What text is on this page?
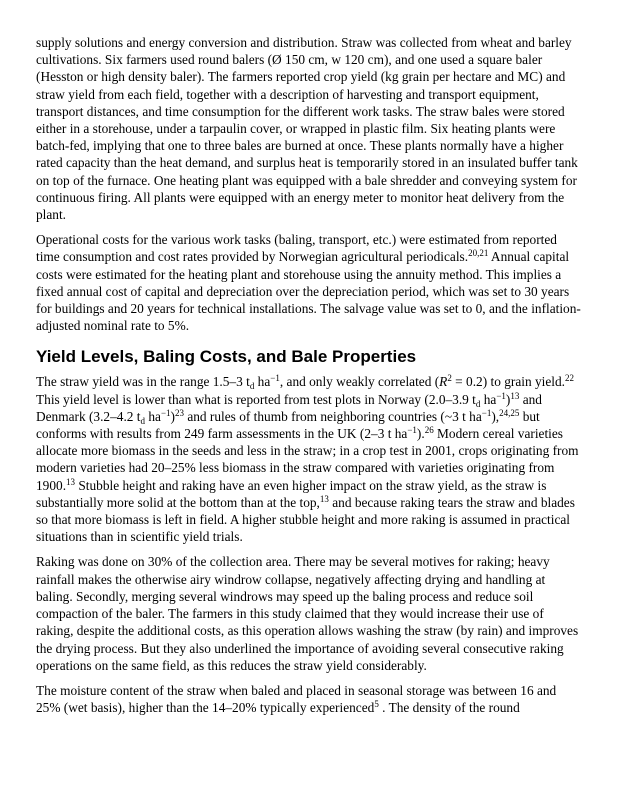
supply solutions and energy conversion and distribution. Straw was collected from wheat and barley cultivations. Six farmers used round balers (Ø 150 cm, w 120 cm), and one used a square baler (Hesston or high density baler). The farmers reported crop yield (kg grain per hectare and MC) and straw yield from each field, together with a description of harvesting and transport equipment, transport distances, and time consumption for the different work tasks. The straw bales were stored either in a storehouse, under a tarpaulin cover, or wrapped in plastic film. Six heating plants were batch-fed, implying that one to three bales are burned at once. These plants normally have a higher rated capacity than the heat demand, and surplus heat is temporarily stored in an insulated buffer tank on top of the furnace. One heating plant was equipped with a bale shredder and conveying system for continuous firing. All plants were equipped with an energy meter to monitor heat delivery from the plant.

Operational costs for the various work tasks (baling, transport, etc.) were estimated from reported time consumption and cost rates provided by Norwegian agricultural periodicals.$^{20,21}$ Annual capital costs were estimated for the heating plant and storehouse using the annuity method. This implies a fixed annual cost of capital and depreciation over the depreciation period, which was set to 30 years for buildings and 20 years for technical installations. The salvage value was set to 0, and the inflation-adjusted nominal rate to 5%.

Yield Levels, Baling Costs, and Bale Properties

The straw yield was in the range 1.5–3 $t_d$ $ha^{-1}$, and only weakly correlated $(R^2 = 0.2)$ to grain yield.$^{22}$ This yield level is lower than what is reported from test plots in Norway (2.0–3.9 $t_d$ $ha^{-1})^{13}$ and Denmark (3.2–4.2 $t_d$ $ha^{-1})^{23}$ and rules of thumb from neighboring countries (~3 t $ha^{-1}),^{24,25}$ but conforms with results from 249 farm assessments in the UK (2–3 t $ha^{-1}).^{26}$ Modern cereal varieties allocate more biomass in the seeds and less in the straw; in a crop test in 2001, crops originating from modern varieties had 20–25% less biomass in the straw compared with varieties originating from 1900.13 Stubble height and raking have an even higher impact on the straw yield, as the straw is substantially more solid at the bottom than at the top,$^{13}$ and because raking tears the straw and blades so that more biomass is left in field. A higher stubble height and more raking is assumed in practical situations than in scientific yield trials.

Raking was done on 30% of the collection area. There may be several motives for raking; heavy rainfall makes the otherwise airy windrow collapse, negatively affecting drying and handling at baling. Secondly, merging several windrows may speed up the baling process and reduce soil compaction of the baler. The farmers in this study claimed that they would increase their use of raking, despite the additional costs, as this operation allows washing the straw (by rain) and improves the drying process. But they also underlined the importance of avoiding several consecutive raking operations on the same field, as this reduces the straw yield considerably.

The moisture content of the straw when baled and placed in seasonal storage was between 16 and 25% (wet basis), higher than the 14–20% typically experienced$^5$ . The density of the round
